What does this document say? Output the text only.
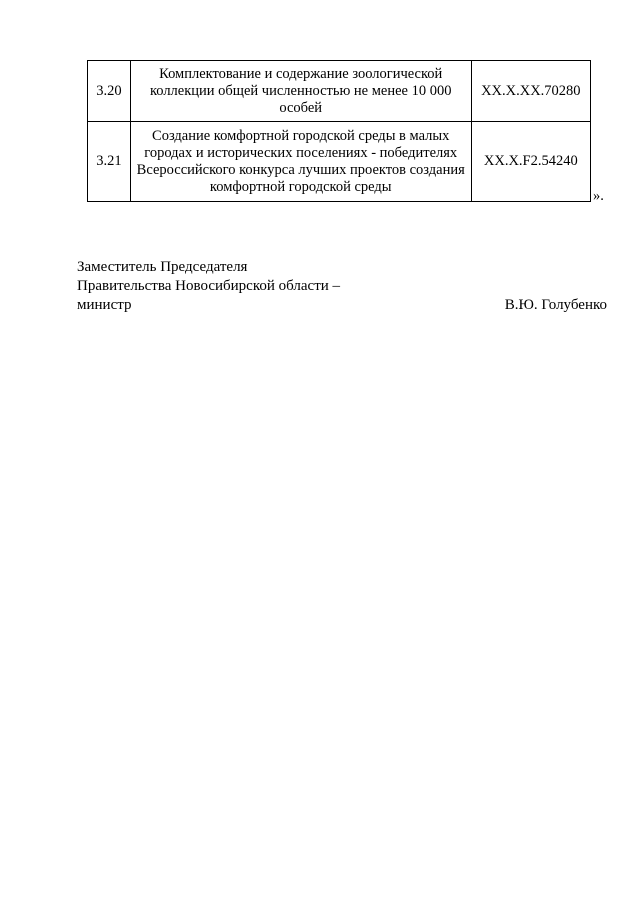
3.20	Комплектование и содержание зоологической коллекции общей численностью не менее 10 000 особей	XX.X.XX.70280
3.21	Создание комфортной городской среды в малых городах и исторических поселениях - победителях Всероссийского конкурса лучших проектов создания комфортной городской среды	XX.X.F2.54240
».
Заместитель Председателя
Правительства Новосибирской области –
министр	В.Ю. Голубенко
